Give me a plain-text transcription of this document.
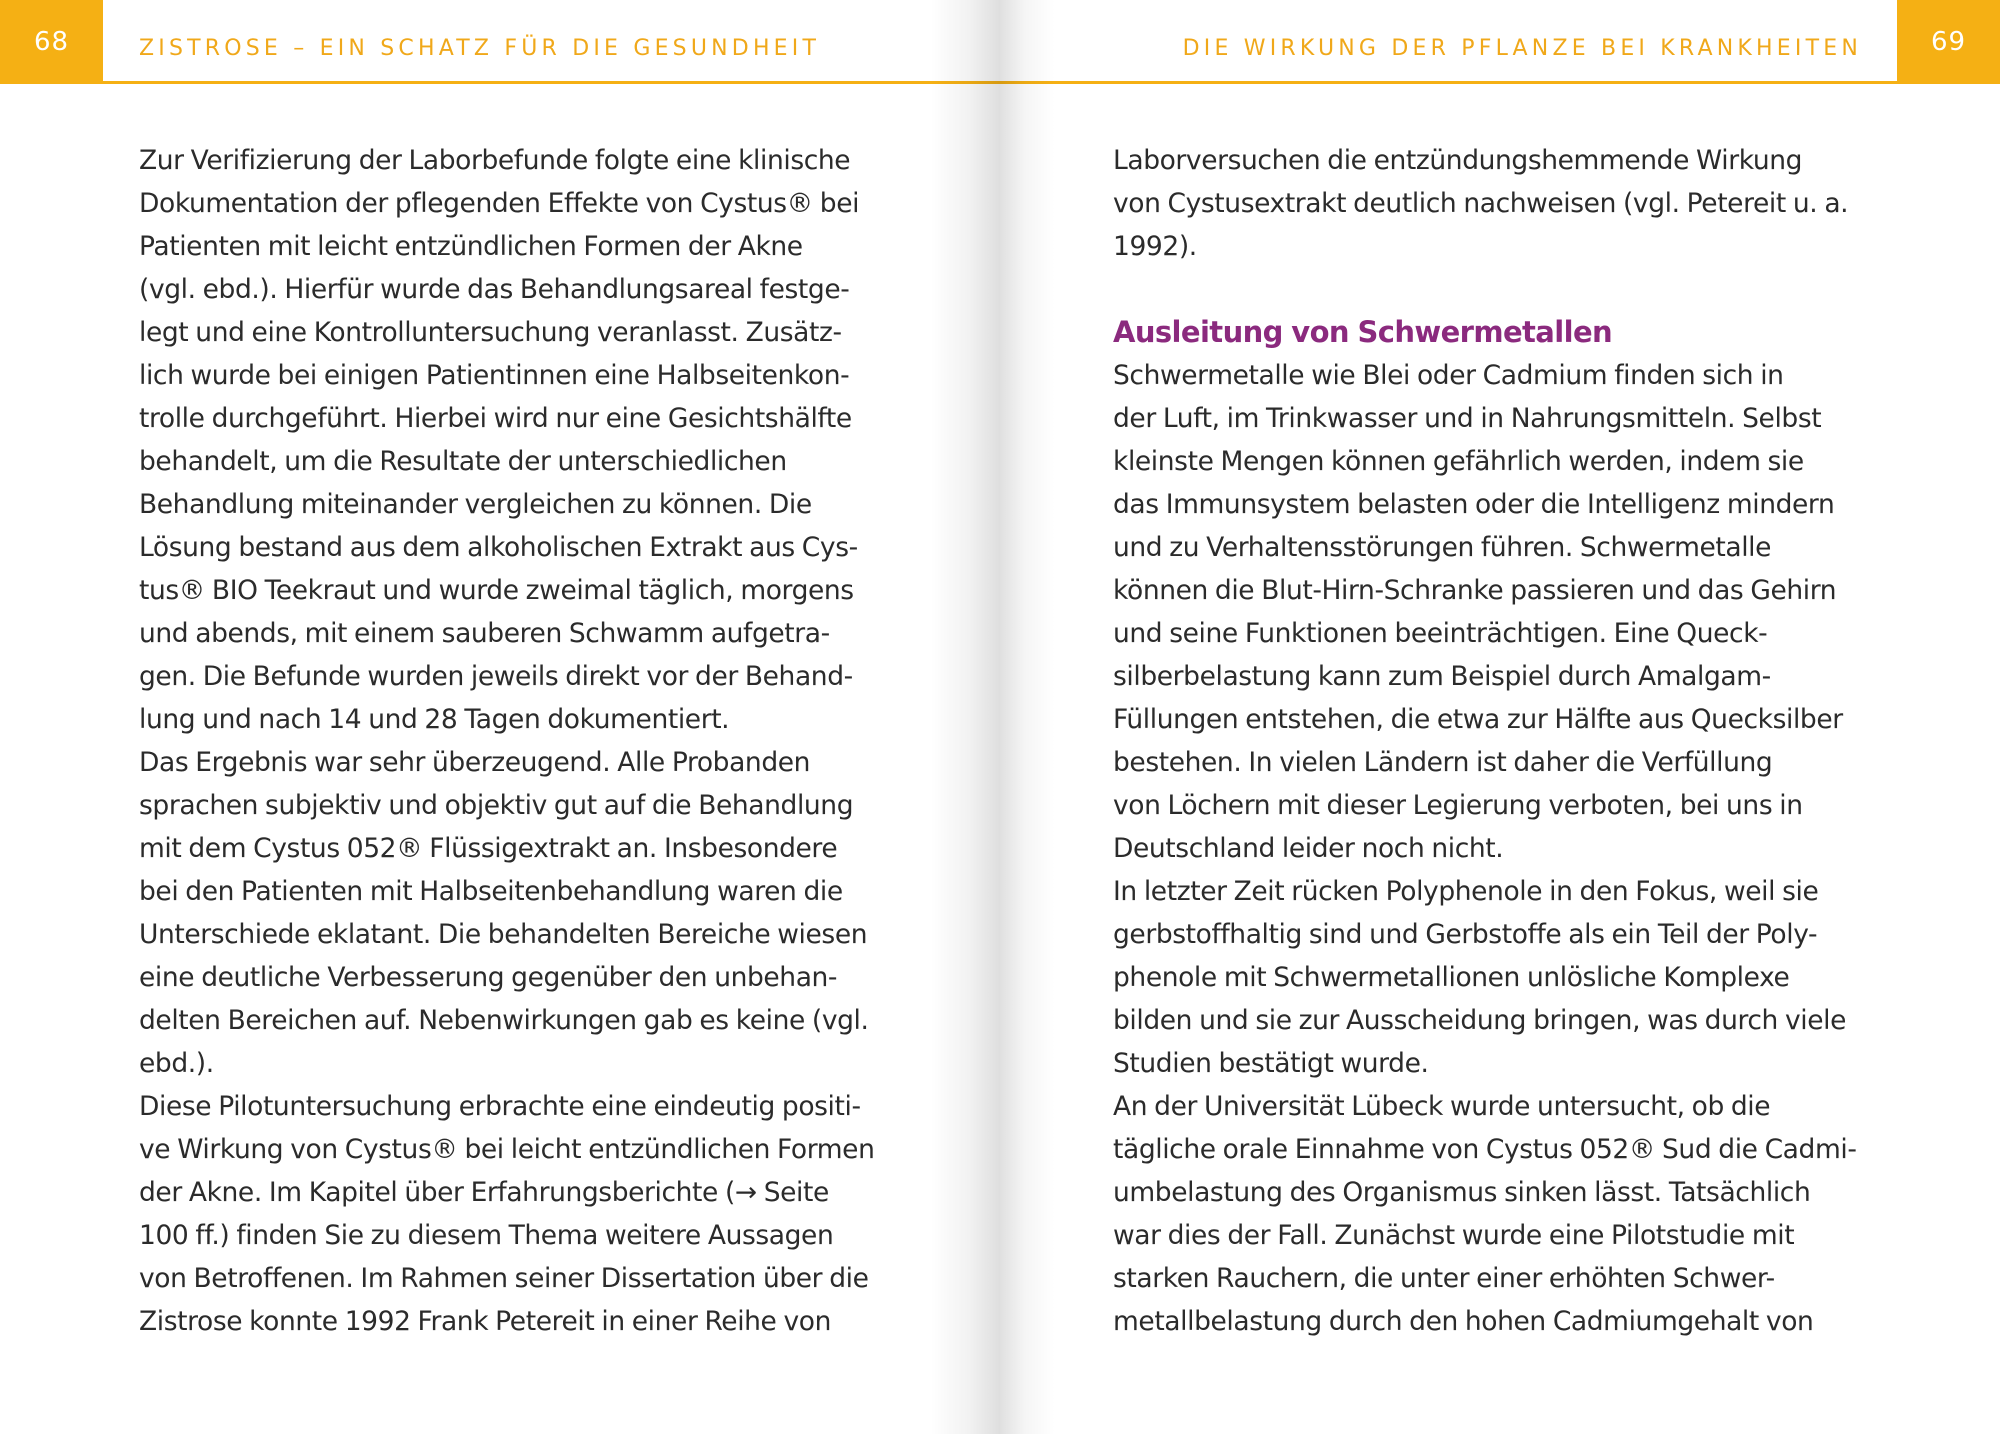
68	ZISTROSE – EIN SCHATZ FÜR DIE GESUNDHEIT
Zur Verifizierung der Laborbefunde folgte eine klinische
Dokumentation der pflegenden Effekte von Cystus® bei
Patienten mit leicht entzündlichen Formen der Akne
(vgl. ebd.). Hierfür wurde das Behandlungsareal festge-
legt und eine Kontrolluntersuchung veranlasst. Zusätz-
lich wurde bei einigen Patientinnen eine Halbseitenkon-
trolle durchgeführt. Hierbei wird nur eine Gesichtshälfte
behandelt, um die Resultate der unterschiedlichen
Behandlung miteinander vergleichen zu können. Die
Lösung bestand aus dem alkoholischen Extrakt aus Cys-
tus® BIO Teekraut und wurde zweimal täglich, morgens
und abends, mit einem sauberen Schwamm aufgetra-
gen. Die Befunde wurden jeweils direkt vor der Behand-
lung und nach 14 und 28 Tagen dokumentiert.
Das Ergebnis war sehr überzeugend. Alle Probanden
sprachen subjektiv und objektiv gut auf die Behandlung
mit dem Cystus 052® Flüssigextrakt an. Insbesondere
bei den Patienten mit Halbseitenbehandlung waren die
Unterschiede eklatant. Die behandelten Bereiche wiesen
eine deutliche Verbesserung gegenüber den unbehan-
delten Bereichen auf. Nebenwirkungen gab es keine (vgl.
ebd.).
Diese Pilotuntersuchung erbrachte eine eindeutig positi-
ve Wirkung von Cystus® bei leicht entzündlichen Formen
der Akne. Im Kapitel über Erfahrungsberichte (→ Seite
100 ff.) finden Sie zu diesem Thema weitere Aussagen
von Betroffenen. Im Rahmen seiner Dissertation über die
Zistrose konnte 1992 Frank Petereit in einer Reihe von
DIE WIRKUNG DER PFLANZE BEI KRANKHEITEN	69
Laborversuchen die entzündungshemmende Wirkung
von Cystusextrakt deutlich nachweisen (vgl. Petereit u. a.
1992).
Ausleitung von Schwermetallen
Schwermetalle wie Blei oder Cadmium finden sich in
der Luft, im Trinkwasser und in Nahrungsmitteln. Selbst
kleinste Mengen können gefährlich werden, indem sie
das Immunsystem belasten oder die Intelligenz mindern
und zu Verhaltensstörungen führen. Schwermetalle
können die Blut-Hirn-Schranke passieren und das Gehirn
und seine Funktionen beeinträchtigen. Eine Queck-
silberbelastung kann zum Beispiel durch Amalgam-
Füllungen entstehen, die etwa zur Hälfte aus Quecksilber
bestehen. In vielen Ländern ist daher die Verfüllung
von Löchern mit dieser Legierung verboten, bei uns in
Deutschland leider noch nicht.
In letzter Zeit rücken Polyphenole in den Fokus, weil sie
gerbstoffhaltig sind und Gerbstoffe als ein Teil der Poly-
phenole mit Schwermetallionen unlösliche Komplexe
bilden und sie zur Ausscheidung bringen, was durch viele
Studien bestätigt wurde.
An der Universität Lübeck wurde untersucht, ob die
tägliche orale Einnahme von Cystus 052® Sud die Cadmi-
umbelastung des Organismus sinken lässt. Tatsächlich
war dies der Fall. Zunächst wurde eine Pilotstudie mit
starken Rauchern, die unter einer erhöhten Schwer-
metallbelastung durch den hohen Cadmiumgehalt von
